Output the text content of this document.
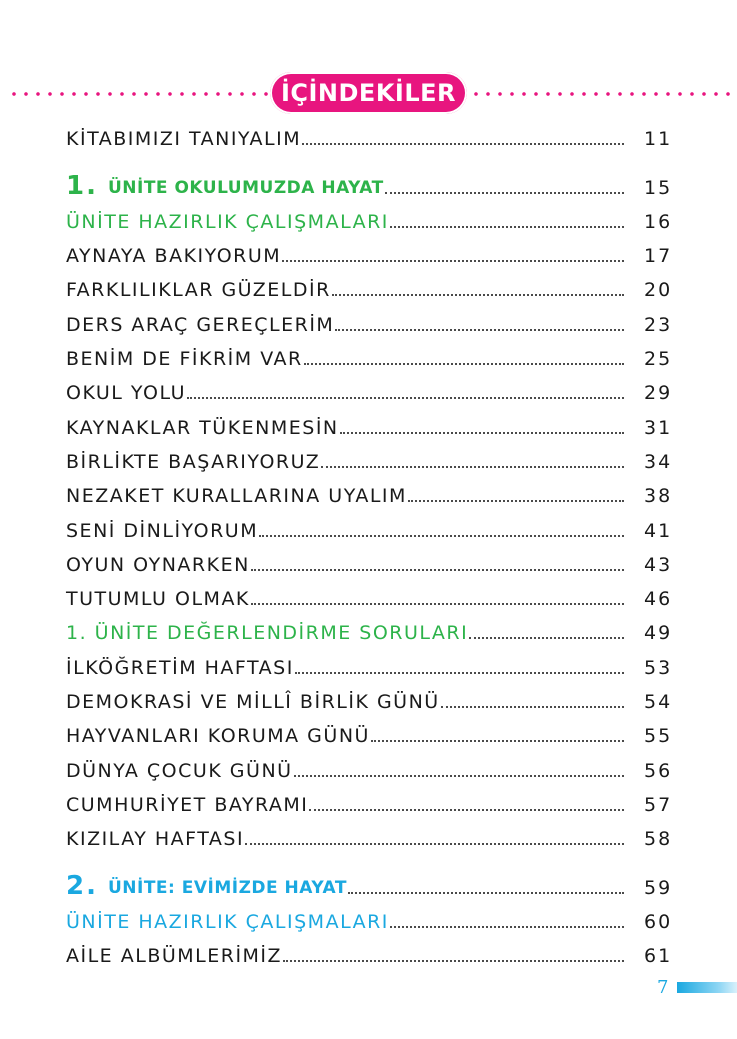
İÇİNDEKİLER
KİTABIMIZI TANIYALIM	11
1. ÜNİTE OKULUMUZDA HAYAT	15
ÜNİTE HAZIRLIK ÇALIŞMALARI	16
AYNAYA BAKIYORUM	17
FARKLILIKLAR GÜZELDİR	20
DERS ARAÇ GEREÇLERİM	23
BENİM DE FİKRİM VAR	25
OKUL YOLU	29
KAYNAKLAR TÜKENMESİN	31
BİRLİKTE BAŞARIYORUZ	34
NEZAKET KURALLARINA UYALIM	38
SENİ DİNLİYORUM	41
OYUN OYNARKEN	43
TUTUMLU OLMAK	46
1. ÜNİTE DEĞERLENDİRME SORULARI	49
İLKÖĞRETİM HAFTASI	53
DEMOKRASİ VE MİLLÎ BİRLİK GÜNÜ	54
HAYVANLARI KORUMA GÜNÜ	55
DÜNYA ÇOCUK GÜNÜ	56
CUMHURİYET BAYRAMI	57
KIZILAY HAFTASI	58
2. ÜNİTE: EVİMİZDE HAYAT	59
ÜNİTE HAZIRLIK ÇALIŞMALARI	60
AİLE ALBÜMLERİMİZ	61
7
